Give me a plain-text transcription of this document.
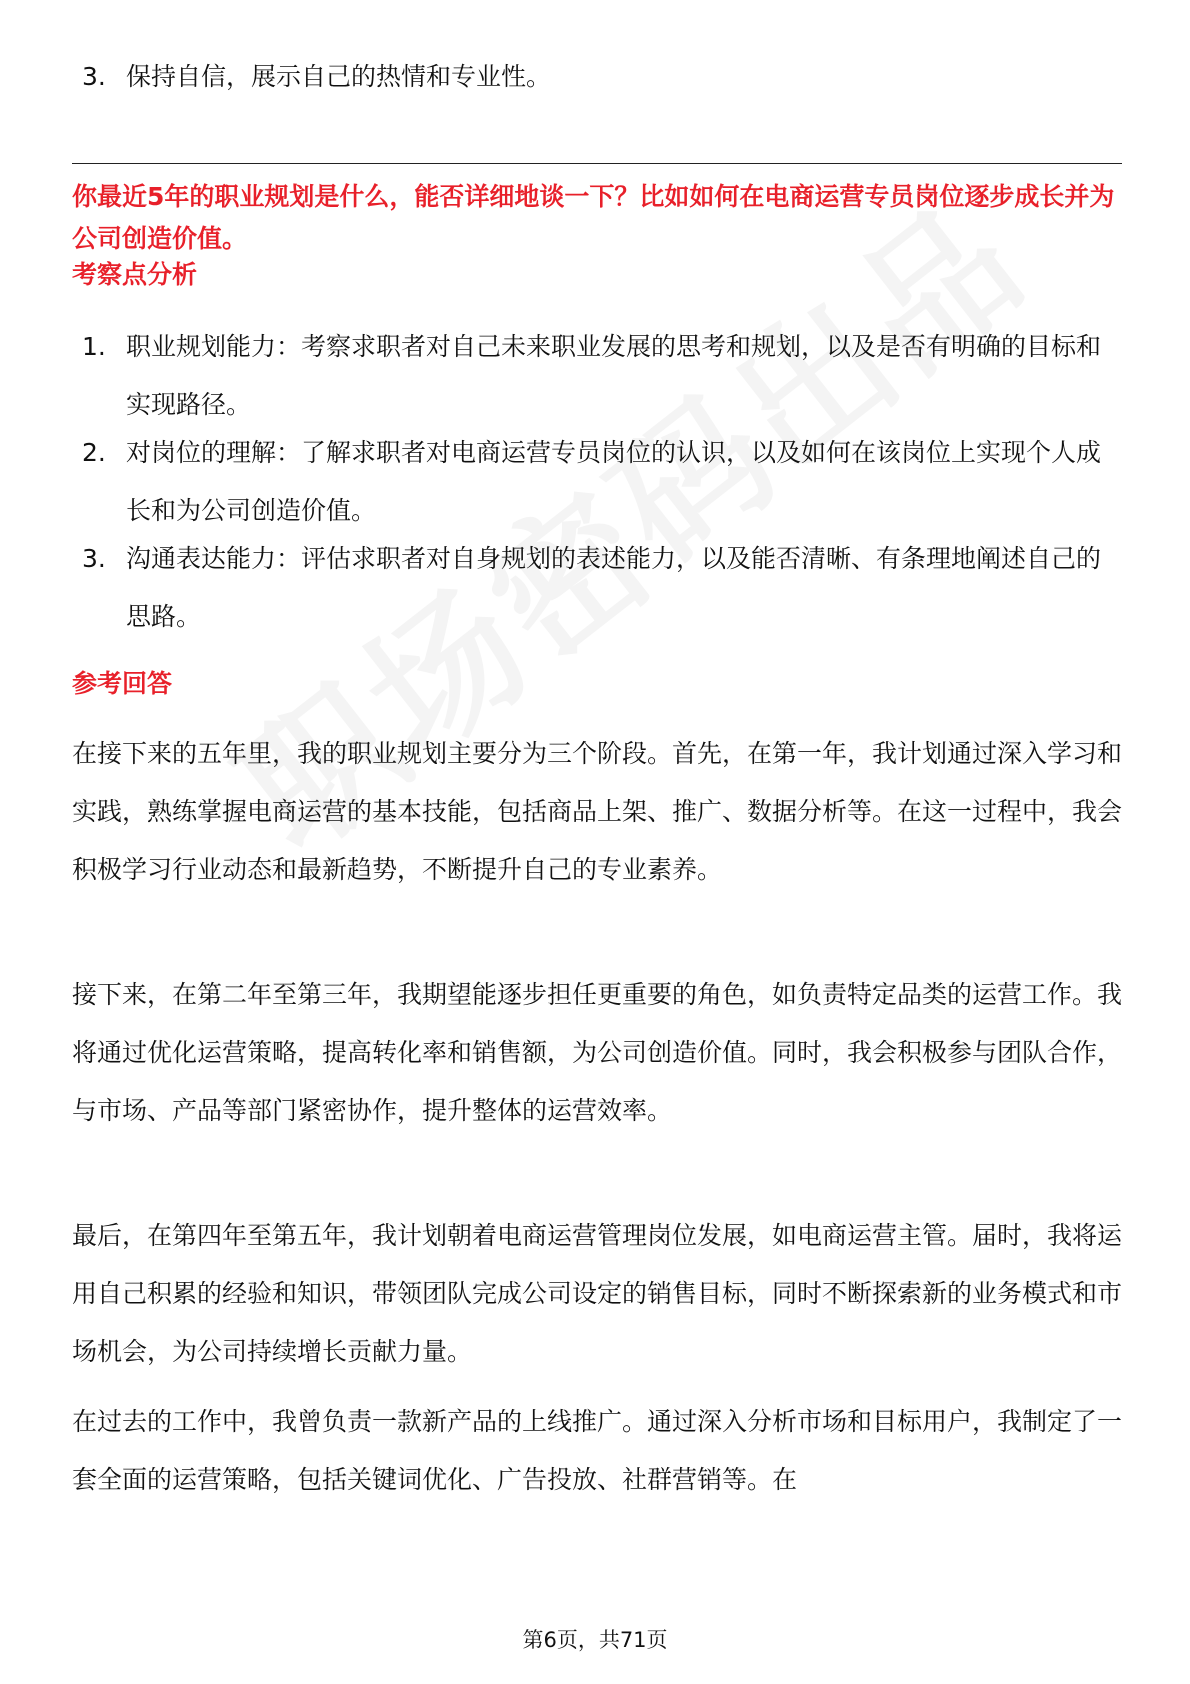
3. 保持自信，展示自己的热情和专业性。
你最近5年的职业规划是什么，能否详细地谈一下？比如如何在电商运营专员岗位逐步成长并为公司创造价值。
考察点分析
1. 职业规划能力：考察求职者对自己未来职业发展的思考和规划，以及是否有明确的目标和实现路径。
2. 对岗位的理解：了解求职者对电商运营专员岗位的认识，以及如何在该岗位上实现个人成长和为公司创造价值。
3. 沟通表达能力：评估求职者对自身规划的表述能力，以及能否清晰、有条理地阐述自己的思路。
参考回答

在接下来的五年里，我的职业规划主要分为三个阶段。首先，在第一年，我计划通过深入学习和实践，熟练掌握电商运营的基本技能，包括商品上架、推广、数据分析等。在这一过程中，我会积极学习行业动态和最新趋势，不断提升自己的专业素养。

接下来，在第二年至第三年，我期望能逐步担任更重要的角色，如负责特定品类的运营工作。我将通过优化运营策略，提高转化率和销售额，为公司创造价值。同时，我会积极参与团队合作，与市场、产品等部门紧密协作，提升整体的运营效率。

最后，在第四年至第五年，我计划朝着电商运营管理岗位发展，如电商运营主管。届时，我将运用自己积累的经验和知识，带领团队完成公司设定的销售目标，同时不断探索新的业务模式和市场机会，为公司持续增长贡献力量。

在过去的工作中，我曾负责一款新产品的上线推广。通过深入分析市场和目标用户，我制定了一套全面的运营策略，包括关键词优化、广告投放、社群营销等。在

第6页，共71页
